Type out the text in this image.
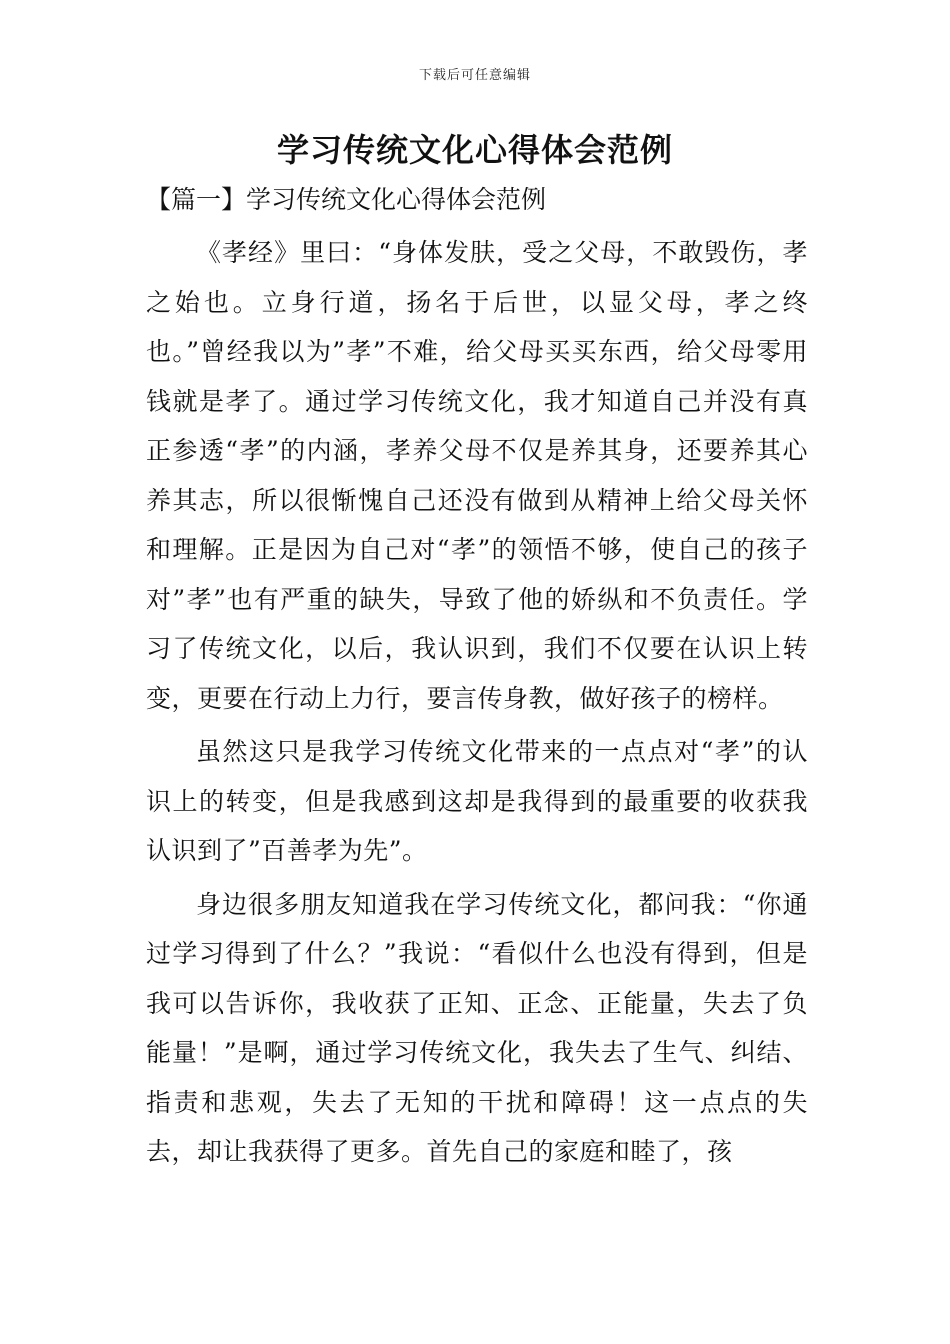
下载后可任意编辑
学习传统文化心得体会范例
【篇一】学习传统文化心得体会范例

《孝经》里曰：“身体发肤，受之父母，不敢毁伤，孝之始也。立身行道，扬名于后世，以显父母，孝之终也。”曾经我以为”孝”不难，给父母买买东西，给父母零用钱就是孝了。通过学习传统文化，我才知道自己并没有真正参透“孝”的内涵，孝养父母不仅是养其身，还要养其心养其志，所以很惭愧自己还没有做到从精神上给父母关怀和理解。正是因为自己对“孝”的领悟不够，使自己的孩子对”孝”也有严重的缺失，导致了他的娇纵和不负责任。学习了传统文化，以后，我认识到，我们不仅要在认识上转变，更要在行动上力行，要言传身教，做好孩子的榜样。

虽然这只是我学习传统文化带来的一点点对“孝”的认识上的转变，但是我感到这却是我得到的最重要的收获我认识到了”百善孝为先”。

身边很多朋友知道我在学习传统文化，都问我：“你通过学习得到了什么？”我说：“看似什么也没有得到，但是我可以告诉你，我收获了正知、正念、正能量，失去了负能量！”是啊，通过学习传统文化，我失去了生气、纠结、指责和悲观，失去了无知的干扰和障碍！这一点点的失去，却让我获得了更多。首先自己的家庭和睦了，孩
